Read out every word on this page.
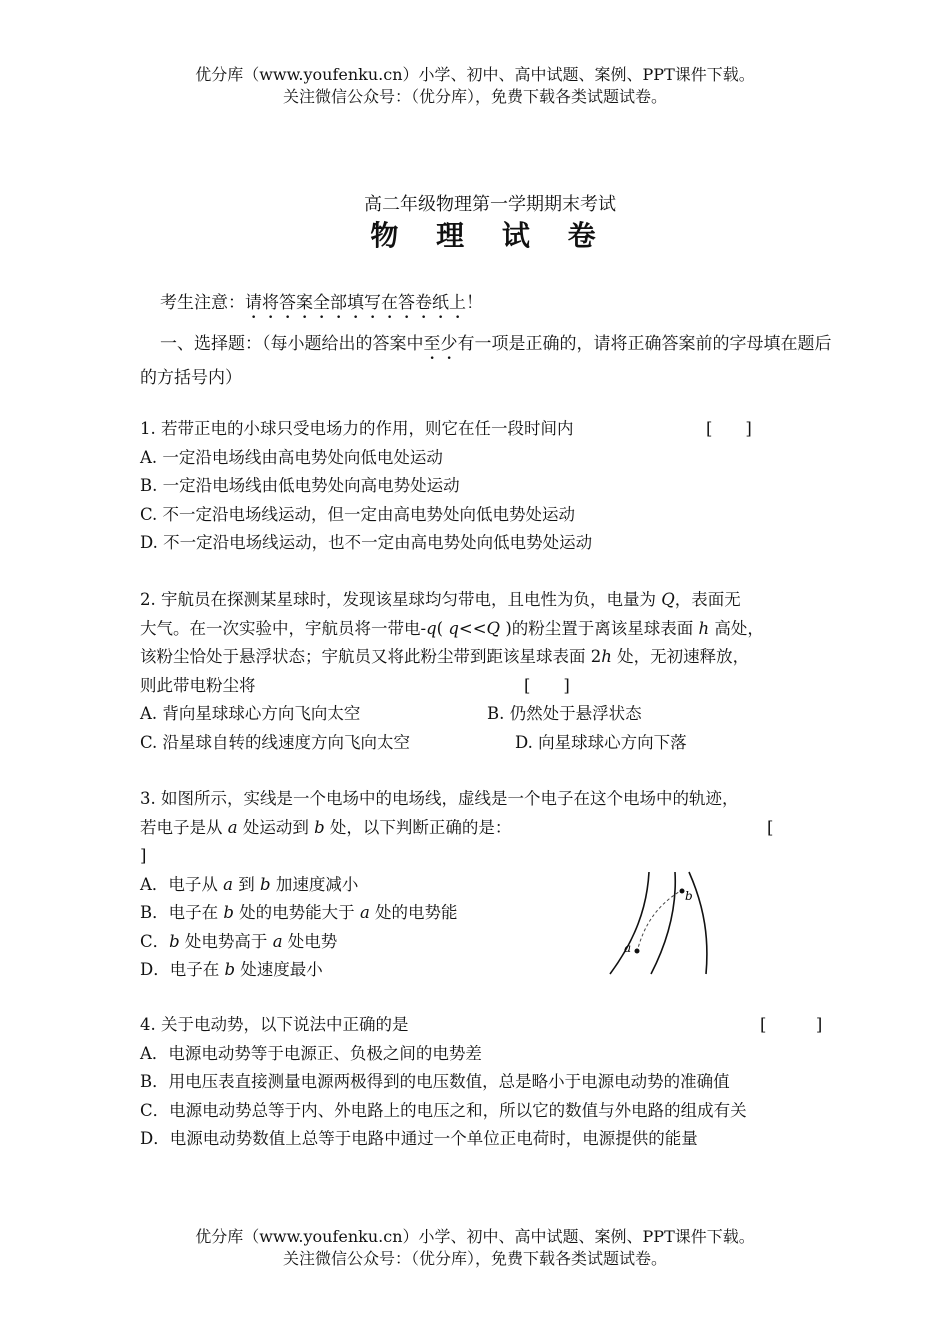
优分库（www.youfenku.cn）小学、初中、高中试题、案例、PPT课件下载。
关注微信公众号：（优分库），免费下载各类试题试卷。
高二年级物理第一学期期末考试
物 理 试 卷
考生注意：请将答案全部填写在答卷纸上！
一、选择题：（每小题给出的答案中至少有一项是正确的，请将正确答案前的字母填在题后的方括号内）
1. 若带正电的小球只受电场力的作用，则它在任一段时间内	[　　]
A. 一定沿电场线由高电势处向低电处运动
B. 一定沿电场线由低电势处向高电势处运动
C. 不一定沿电场线运动，但一定由高电势处向低电势处运动
D. 不一定沿电场线运动，也不一定由高电势处向低电势处运动
2. 宇航员在探测某星球时，发现该星球均匀带电，且电性为负，电量为 Q，表面无
大气。在一次实验中，宇航员将一带电-q( q<<Q )的粉尘置于离该星球表面 h 高处，
该粉尘恰处于悬浮状态；宇航员又将此粉尘带到距该星球表面 2h 处，无初速释放，
则此带电粉尘将	[　　]
A. 背向星球球心方向飞向太空	B. 仍然处于悬浮状态
C. 沿星球自转的线速度方向飞向太空	D. 向星球球心方向下落
3. 如图所示，实线是一个电场中的电场线，虚线是一个电子在这个电场中的轨迹，
若电子是从 a 处运动到 b 处，以下判断正确的是：	[
]
A．电子从 a 到 b 加速度减小
B．电子在 b 处的电势能大于 a 处的电势能
C．b 处电势高于 a 处电势
D．电子在 b 处速度最小
a
b
4. 关于电动势，以下说法中正确的是	[　　　]
A．电源电动势等于电源正、负极之间的电势差
B．用电压表直接测量电源两极得到的电压数值，总是略小于电源电动势的准确值
C．电源电动势总等于内、外电路上的电压之和，所以它的数值与外电路的组成有关
D．电源电动势数值上总等于电路中通过一个单位正电荷时，电源提供的能量
优分库（www.youfenku.cn）小学、初中、高中试题、案例、PPT课件下载。
关注微信公众号：（优分库），免费下载各类试题试卷。
